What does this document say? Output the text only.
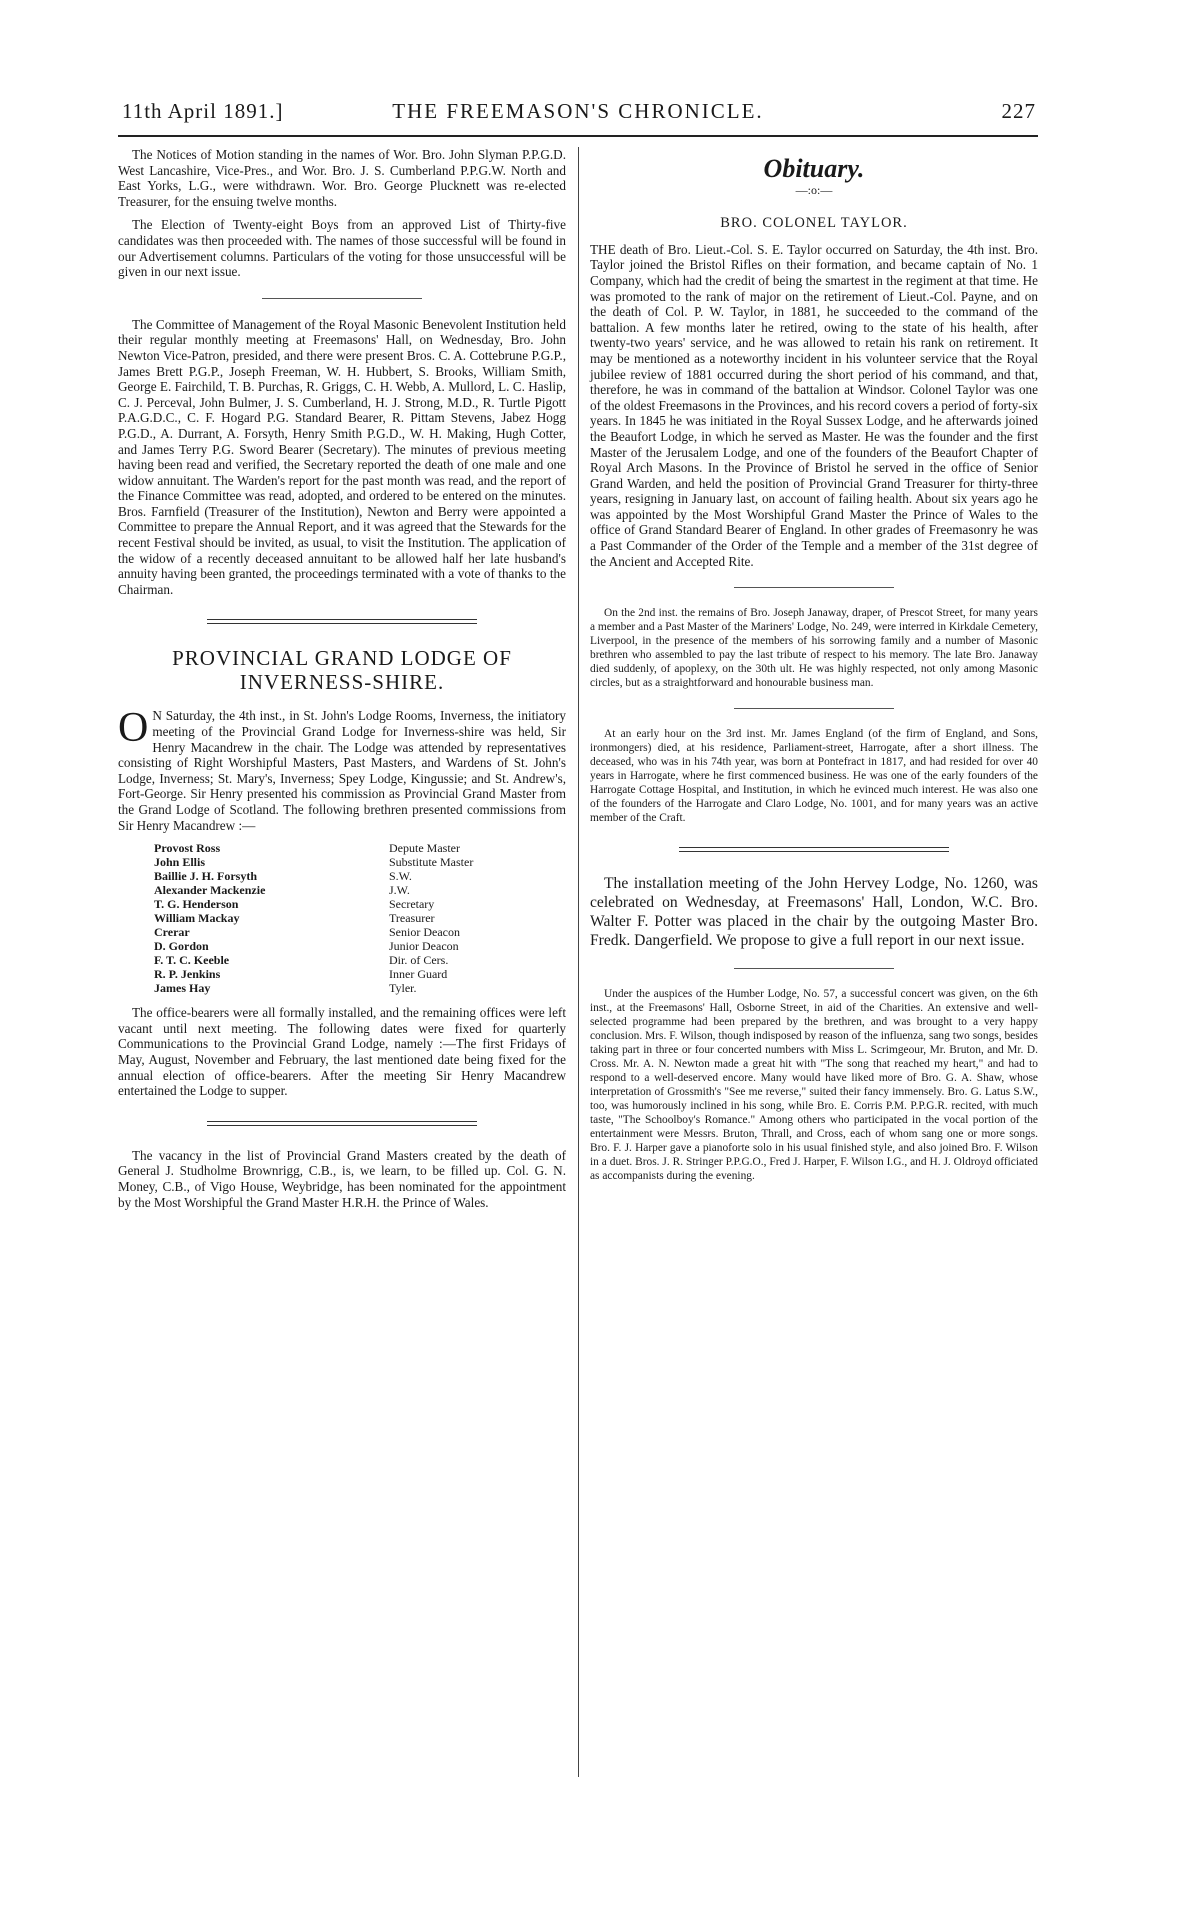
11th April 1891.]	THE FREEMASON'S CHRONICLE.	227

The Notices of Motion standing in the names of Wor. Bro. John Slyman P.P.G.D. West Lancashire, Vice-Pres., and Wor. Bro. J. S. Cumberland P.P.G.W. North and East Yorks, L.G., were withdrawn. Wor. Bro. George Plucknett was re-elected Treasurer, for the ensuing twelve months.

The Election of Twenty-eight Boys from an approved List of Thirty-five candidates was then proceeded with. The names of those successful will be found in our Advertisement columns. Particulars of the voting for those unsuccessful will be given in our next issue.

The Committee of Management of the Royal Masonic Benevolent Institution held their regular monthly meeting at Freemasons' Hall, on Wednesday, Bro. John Newton Vice-Patron, presided, and there were present Bros. C. A. Cottebrune P.G.P., James Brett P.G.P., Joseph Freeman, W. H. Hubbert, S. Brooks, William Smith, George E. Fairchild, T. B. Purchas, R. Griggs, C. H. Webb, A. Mullord, L. C. Haslip, C. J. Perceval, John Bulmer, J. S. Cumberland, H. J. Strong, M.D., R. Turtle Pigott P.A.G.D.C., C. F. Hogard P.G. Standard Bearer, R. Pittam Stevens, Jabez Hogg P.G.D., A. Durrant, A. Forsyth, Henry Smith P.G.D., W. H. Making, Hugh Cotter, and James Terry P.G. Sword Bearer (Secretary). The minutes of previous meeting having been read and verified, the Secretary reported the death of one male and one widow annuitant. The Warden's report for the past month was read, and the report of the Finance Committee was read, adopted, and ordered to be entered on the minutes. Bros. Farnfield (Treasurer of the Institution), Newton and Berry were appointed a Committee to prepare the Annual Report, and it was agreed that the Stewards for the recent Festival should be invited, as usual, to visit the Institution. The application of the widow of a recently deceased annuitant to be allowed half her late husband's annuity having been granted, the proceedings terminated with a vote of thanks to the Chairman.

PROVINCIAL GRAND LODGE OF INVERNESS-SHIRE.

O N Saturday, the 4th inst., in St. John's Lodge Rooms, Inverness, the initiatory meeting of the Provincial Grand Lodge for Inverness-shire was held, Sir Henry Macandrew in the chair. The Lodge was attended by representatives consisting of Right Worshipful Masters, Past Masters, and Wardens of St. John's Lodge, Inverness; St. Mary's, Inverness; Spey Lodge, Kingussie; and St. Andrew's, Fort-George. Sir Henry presented his commission as Provincial Grand Master from the Grand Lodge of Scotland. The following brethren presented commissions from Sir Henry Macandrew :—

Provost Ross	Depute Master
John Ellis	Substitute Master
Baillie J. H. Forsyth	S.W.
Alexander Mackenzie	J.W.
T. G. Henderson	Secretary
William Mackay	Treasurer
Crerar	Senior Deacon
D. Gordon	Junior Deacon
F. T. C. Keeble	Dir. of Cers.
R. P. Jenkins	Inner Guard
James Hay	Tyler.

The office-bearers were all formally installed, and the remaining offices were left vacant until next meeting. The following dates were fixed for quarterly Communications to the Provincial Grand Lodge, namely :—The first Fridays of May, August, November and February, the last mentioned date being fixed for the annual election of office-bearers. After the meeting Sir Henry Macandrew entertained the Lodge to supper.

The vacancy in the list of Provincial Grand Masters created by the death of General J. Studholme Brownrigg, C.B., is, we learn, to be filled up. Col. G. N. Money, C.B., of Vigo House, Weybridge, has been nominated for the appointment by the Most Worshipful the Grand Master H.R.H. the Prince of Wales.

Obituary.
—:o:—
BRO. COLONEL TAYLOR.

THE death of Bro. Lieut.-Col. S. E. Taylor occurred on Saturday, the 4th inst. Bro. Taylor joined the Bristol Rifles on their formation, and became captain of No. 1 Company, which had the credit of being the smartest in the regiment at that time. He was promoted to the rank of major on the retirement of Lieut.-Col. Payne, and on the death of Col. P. W. Taylor, in 1881, he succeeded to the command of the battalion. A few months later he retired, owing to the state of his health, after twenty-two years' service, and he was allowed to retain his rank on retirement. It may be mentioned as a noteworthy incident in his volunteer service that the Royal jubilee review of 1881 occurred during the short period of his command, and that, therefore, he was in command of the battalion at Windsor. Colonel Taylor was one of the oldest Freemasons in the Provinces, and his record covers a period of forty-six years. In 1845 he was initiated in the Royal Sussex Lodge, and he afterwards joined the Beaufort Lodge, in which he served as Master. He was the founder and the first Master of the Jerusalem Lodge, and one of the founders of the Beaufort Chapter of Royal Arch Masons. In the Province of Bristol he served in the office of Senior Grand Warden, and held the position of Provincial Grand Treasurer for thirty-three years, resigning in January last, on account of failing health. About six years ago he was appointed by the Most Worshipful Grand Master the Prince of Wales to the office of Grand Standard Bearer of England. In other grades of Freemasonry he was a Past Commander of the Order of the Temple and a member of the 31st degree of the Ancient and Accepted Rite.

On the 2nd inst. the remains of Bro. Joseph Janaway, draper, of Prescot Street, for many years a member and a Past Master of the Mariners' Lodge, No. 249, were interred in Kirkdale Cemetery, Liverpool, in the presence of the members of his sorrowing family and a number of Masonic brethren who assembled to pay the last tribute of respect to his memory. The late Bro. Janaway died suddenly, of apoplexy, on the 30th ult. He was highly respected, not only among Masonic circles, but as a straightforward and honourable business man.

At an early hour on the 3rd inst. Mr. James England (of the firm of England, and Sons, ironmongers) died, at his residence, Parliament-street, Harrogate, after a short illness. The deceased, who was in his 74th year, was born at Pontefract in 1817, and had resided for over 40 years in Harrogate, where he first commenced business. He was one of the early founders of the Harrogate Cottage Hospital, and Institution, in which he evinced much interest. He was also one of the founders of the Harrogate and Claro Lodge, No. 1001, and for many years was an active member of the Craft.

The installation meeting of the John Hervey Lodge, No. 1260, was celebrated on Wednesday, at Freemasons' Hall, London, W.C. Bro. Walter F. Potter was placed in the chair by the outgoing Master Bro. Fredk. Dangerfield. We propose to give a full report in our next issue.

Under the auspices of the Humber Lodge, No. 57, a successful concert was given, on the 6th inst., at the Freemasons' Hall, Osborne Street, in aid of the Charities. An extensive and well-selected programme had been prepared by the brethren, and was brought to a very happy conclusion. Mrs. F. Wilson, though indisposed by reason of the influenza, sang two songs, besides taking part in three or four concerted numbers with Miss L. Scrimgeour, Mr. Bruton, and Mr. D. Cross. Mr. A. N. Newton made a great hit with "The song that reached my heart," and had to respond to a well-deserved encore. Many would have liked more of Bro. G. A. Shaw, whose interpretation of Grossmith's "See me reverse," suited their fancy immensely. Bro. G. Latus S.W., too, was humorously inclined in his song, while Bro. E. Corris P.M. P.P.G.R. recited, with much taste, "The Schoolboy's Romance." Among others who participated in the vocal portion of the entertainment were Messrs. Bruton, Thrall, and Cross, each of whom sang one or more songs. Bro. F. J. Harper gave a pianoforte solo in his usual finished style, and also joined Bro. F. Wilson in a duet. Bros. J. R. Stringer P.P.G.O., Fred J. Harper, F. Wilson I.G., and H. J. Oldroyd officiated as accompanists during the evening.
